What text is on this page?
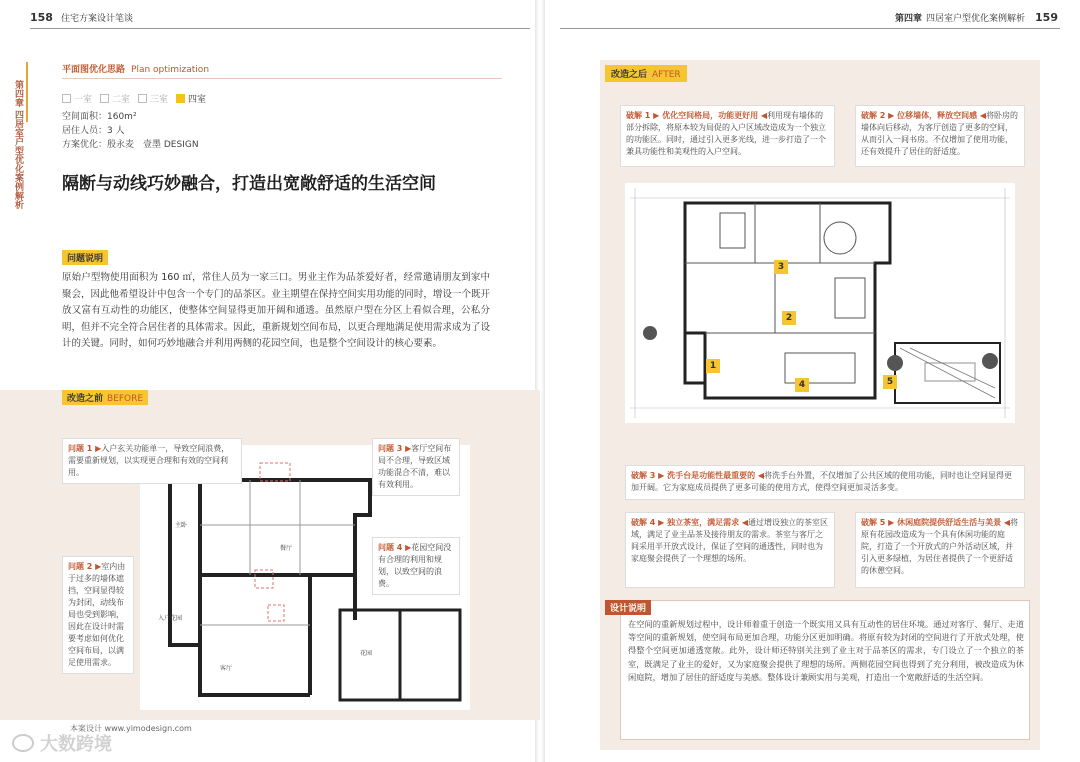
158 住宅方案设计笔谈
第四章 四居室户型优化案例解析
平面图优化思路 Plan optimization
一室 二室 三室 四室
空间面积：160m²
居住人员：3 人
方案优化：殷永麦　壹墨 DESIGN
隔断与动线巧妙融合，打造出宽敞舒适的生活空间
问题说明
原始户型物使用面积为 160 ㎡，常住人员为一家三口。男业主作为品茶爱好者，经常邀请朋友到家中聚会，因此他希望设计中包含一个专门的品茶区。业主期望在保持空间实用功能的同时，增设一个既开放又富有互动性的功能区，使整体空间显得更加开阔和通透。虽然原户型在分区上看似合理，公私分明，但并不完全符合居住者的具体需求。因此，重新规划空间布局，以更合理地满足使用需求成为了设计的关键。同时，如何巧妙地融合并利用两侧的花园空间，也是整个空间设计的核心要素。
改造之前 BEFORE
入户花园
主卧
客厅
餐厅
花园
问题 1 ▶入户玄关功能单一，导致空间浪费，需要重新规划，以实现更合理和有效的空间利用。
问题 2 ▶室内由于过多的墙体遮挡，空间显得较为封闭，动线布局也受到影响，因此在设计时需要考虑如何优化空间布局，以满足使用需求。
问题 3 ▶客厅空间布局不合理，导致区域功能混合不清，难以有效利用。
问题 4 ▶花园空间没有合理的利用和规划，以致空间的浪费。
本案设计 www.yimodesign.com
大数跨境
第四章 四居室户型优化案例解析 159
改造之后 AFTER
破解 1 ▶ 优化空间格局，功能更好用 ◀利用现有墙体的部分拆除，将原本较为局促的入户区域改造成为一个独立的功能区。同时，通过引入更多光线，进一步打造了一个兼具功能性和美观性的入户空间。
破解 2 ▶ 位移墙体，释放空间感 ◀将卧房的墙体向后移动，为客厅创造了更多的空间，从而引入一间书房。不仅增加了使用功能，还有效提升了居住的舒适度。
1
2
3
4	5
破解 3 ▶ 洗手台是功能性最重要的 ◀将洗手台外置，不仅增加了公共区域的使用功能，同时也让空间显得更加开阔。它为家庭成员提供了更多可能的使用方式，使得空间更加灵活多变。
破解 4 ▶ 独立茶室，满足需求 ◀通过增设独立的茶室区域，满足了业主品茶及接待朋友的需求。茶室与客厅之间采用半开放式设计，保证了空间的通透性，同时也为家庭聚会提供了一个理想的场所。
破解 5 ▶ 休闲庭院提供舒适生活与美景 ◀将原有花园改造成为一个具有休闲功能的庭院，打造了一个开放式的户外活动区域，并引入更多绿植，为居住者提供了一个更舒适的休憩空间。
设计说明
在空间的重新规划过程中，设计师着重于创造一个既实用又具有互动性的居住环境。通过对客厅、餐厅、走道等空间的重新规划，使空间布局更加合理，功能分区更加明确。将原有较为封闭的空间进行了开放式处理，使得整个空间更加通透宽敞。此外，设计师还特别关注到了业主对于品茶区的需求，专门设立了一个独立的茶室，既满足了业主的爱好，又为家庭聚会提供了理想的场所。两侧花园空间也得到了充分利用，被改造成为休闲庭院，增加了居住的舒适度与美感。整体设计兼顾实用与美观，打造出一个宽敞舒适的生活空间。
